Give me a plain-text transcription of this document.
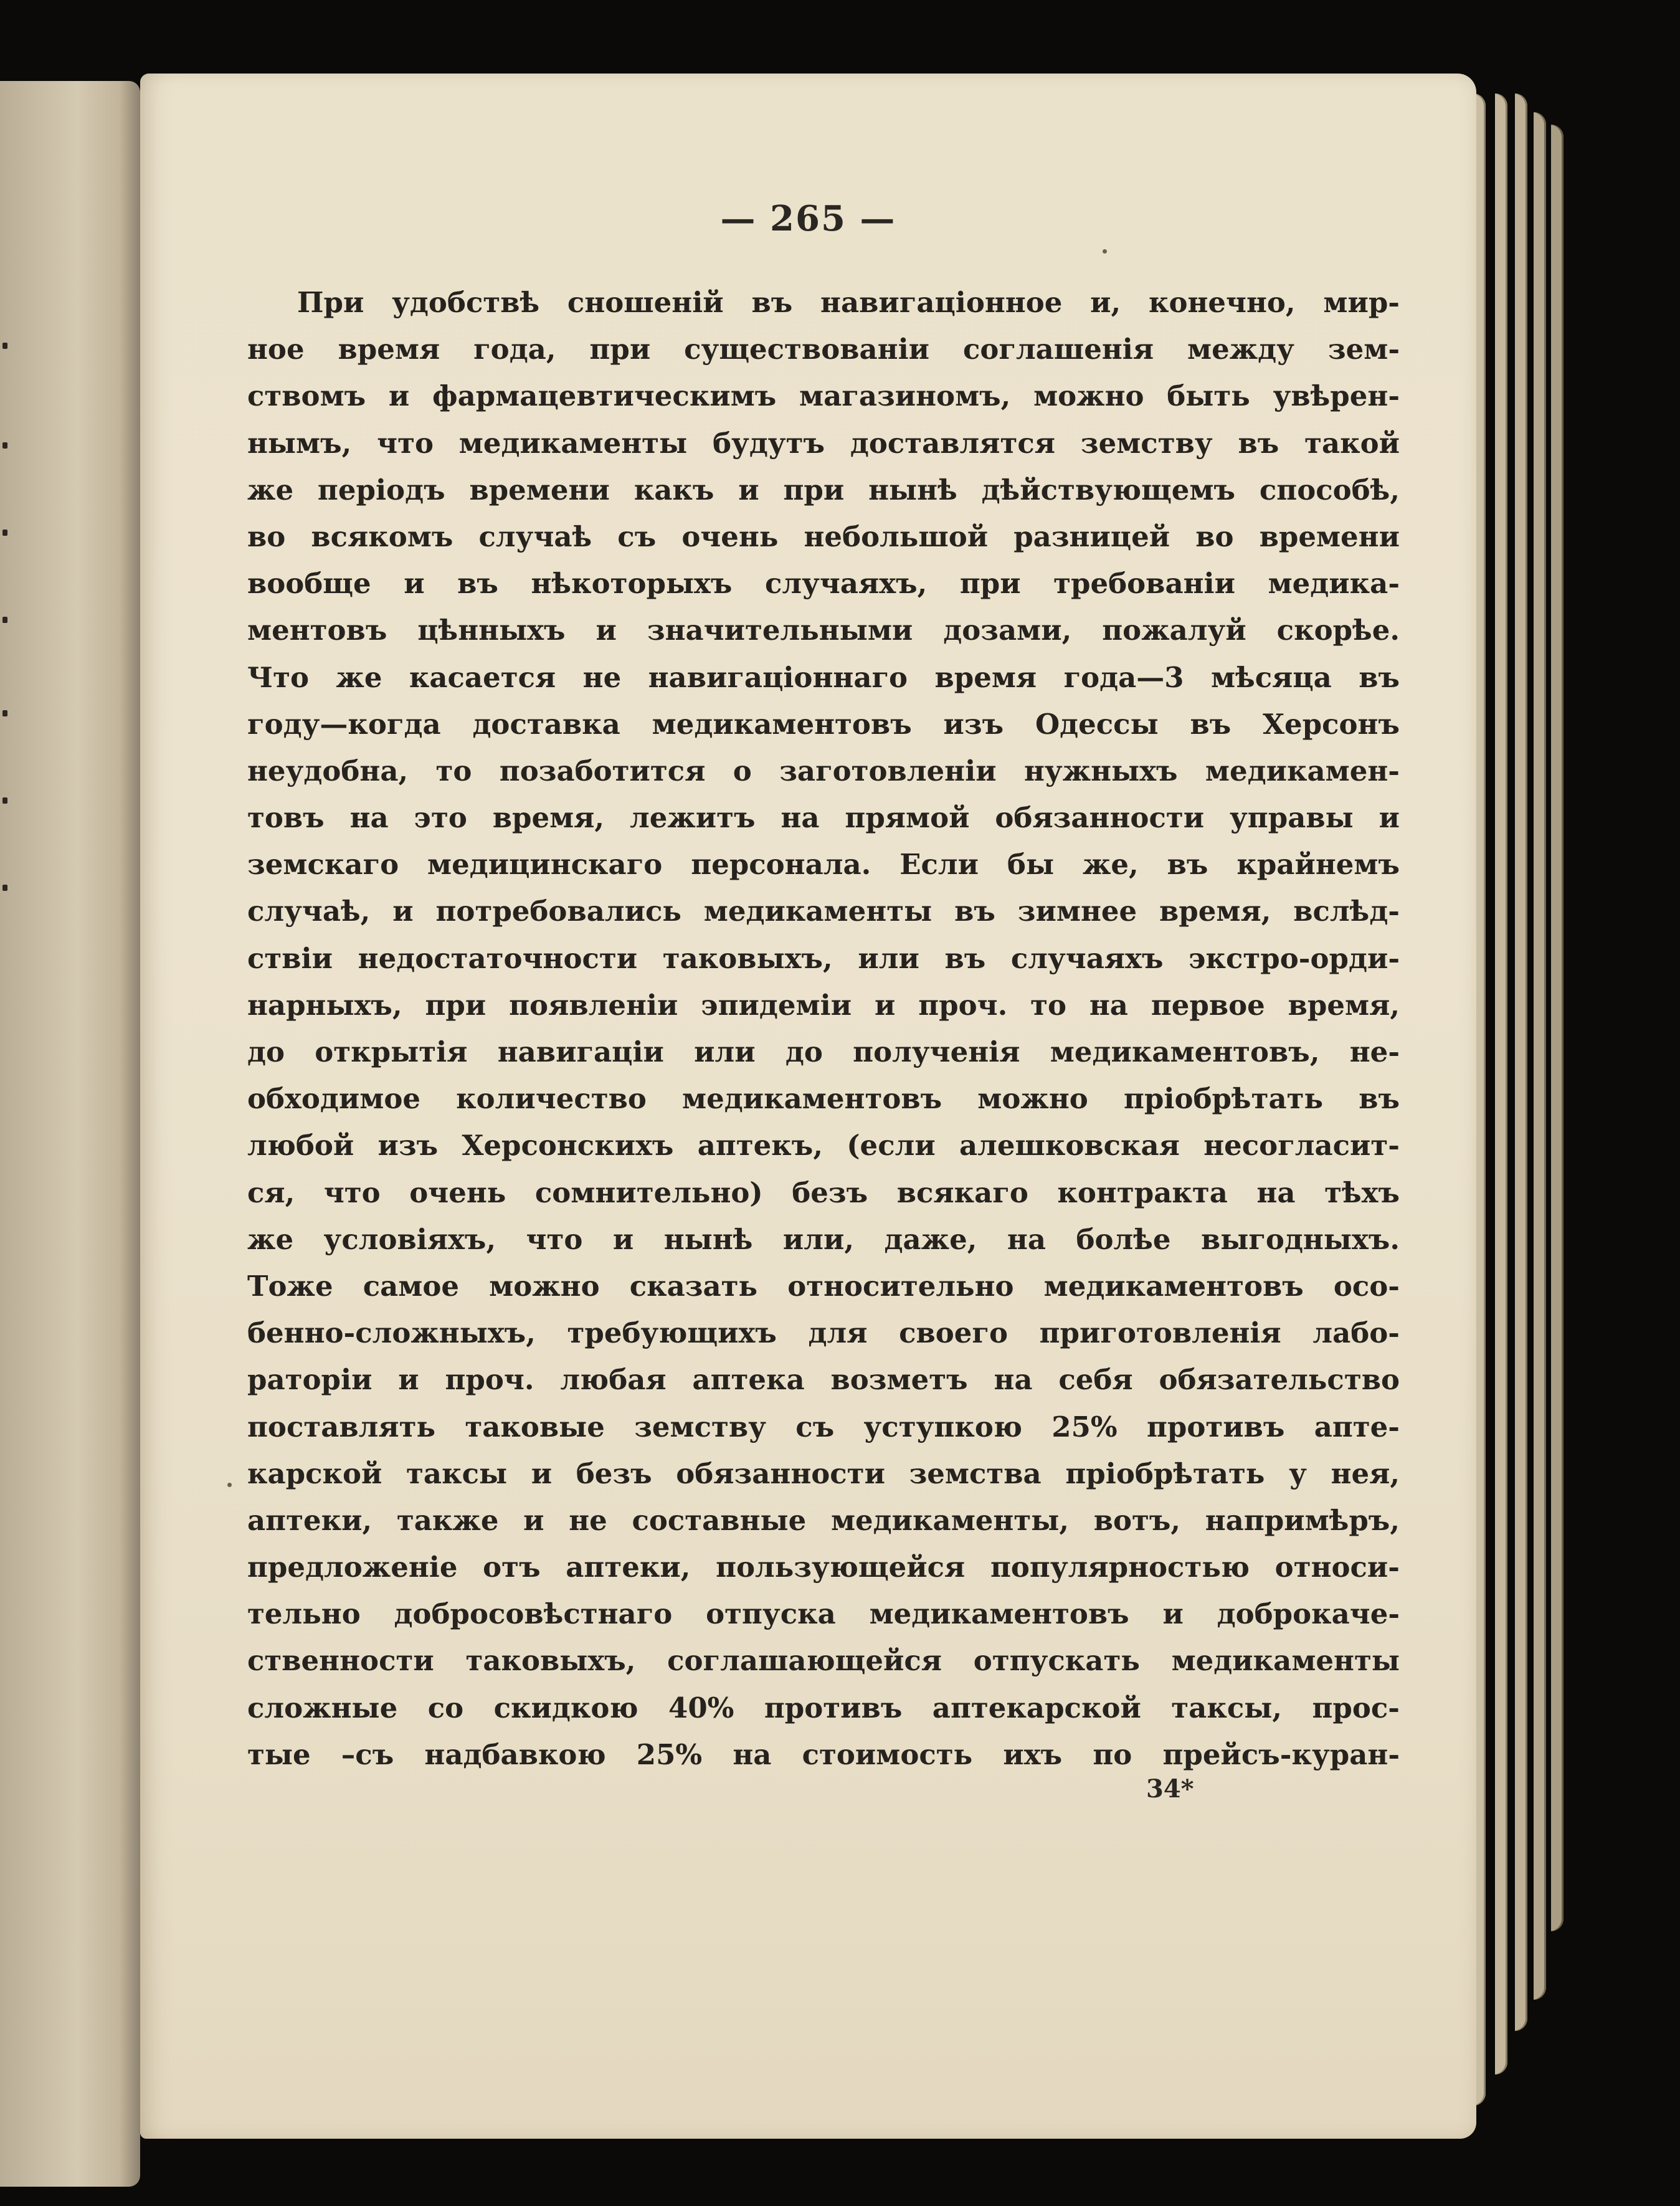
— 265 —
При удобствѣ сношеній въ навигаціонное и, конечно, мир-
ное время года, при существованіи соглашенія между зем-
ствомъ и фармацевтическимъ магазиномъ, можно быть увѣрен-
нымъ, что медикаменты будутъ доставлятся земству въ такой
же періодъ времени какъ и при нынѣ дѣйствующемъ способѣ,
во всякомъ случаѣ съ очень небольшой разницей во времени
вообще и въ нѣкоторыхъ случаяхъ, при требованіи медика-
ментовъ цѣнныхъ и значительными дозами, пожалуй скорѣе.
Что же касается не навигаціоннаго время года—3 мѣсяца въ
году—когда доставка медикаментовъ изъ Одессы въ Херсонъ
неудобна, то позаботится о заготовленіи нужныхъ медикамен-
товъ на это время, лежитъ на прямой обязанности управы и
земскаго медицинскаго персонала. Если бы же, въ крайнемъ
случаѣ, и потребовались медикаменты въ зимнее время, вслѣд-
ствіи недостаточности таковыхъ, или въ случаяхъ экстро-орди-
нарныхъ, при появленіи эпидеміи и проч. то на первое время,
до открытія навигаціи или до полученія медикаментовъ, не-
обходимое количество медикаментовъ можно пріобрѣтать въ
любой изъ Херсонскихъ аптекъ, (если алешковская несогласит-
ся, что очень сомнительно) безъ всякаго контракта на тѣхъ
же условіяхъ, что и нынѣ или, даже, на болѣе выгодныхъ.
Тоже самое можно сказать относительно медикаментовъ осо-
бенно-сложныхъ, требующихъ для своего приготовленія лабо-
раторіи и проч. любая аптека возметъ на себя обязательство
поставлять таковые земству съ уступкою 25% противъ апте-
карской таксы и безъ обязанности земства пріобрѣтать у нея,
аптеки, также и не составные медикаменты, вотъ, напримѣръ,
предложеніе отъ аптеки, пользующейся популярностью относи-
тельно добросовѣстнаго отпуска медикаментовъ и доброкаче-
ственности таковыхъ, соглашающейся отпускать медикаменты
сложные со скидкою 40% противъ аптекарской таксы, прос-
тые –съ надбавкою 25% на стоимость ихъ по прейсъ-куран-
34*
